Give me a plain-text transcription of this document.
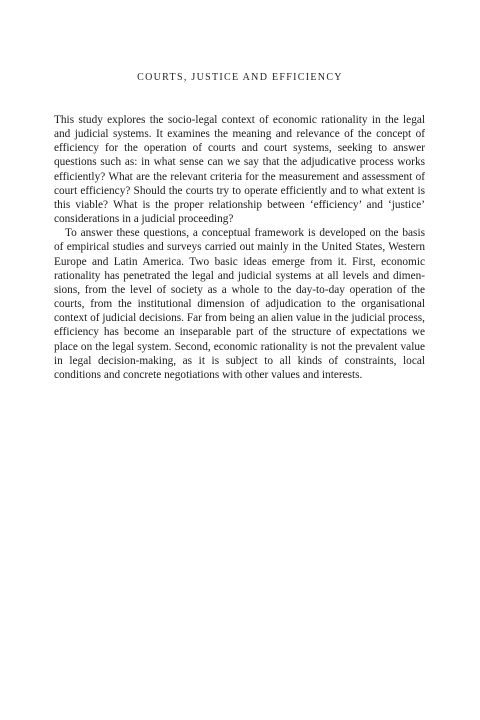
COURTS, JUSTICE AND EFFICIENCY

This study explores the socio-legal context of economic rationality in the legal and judicial systems. It examines the meaning and relevance of the concept of efficiency for the operation of courts and court systems, seeking to answer questions such as: in what sense can we say that the adjudicative process works efficiently? What are the relevant criteria for the measurement and assessment of court efficiency? Should the courts try to operate efficiently and to what extent is this viable? What is the proper relationship between ‘efficiency’ and ‘justice’ considerations in a judicial proceeding?

To answer these questions, a conceptual framework is developed on the basis of empirical studies and surveys carried out mainly in the United States, Western Europe and Latin America. Two basic ideas emerge from it. First, economic rationality has penetrated the legal and judicial systems at all levels and dimensions, from the level of society as a whole to the day-to-day operation of the courts, from the institutional dimension of adjudication to the organisational context of judicial decisions. Far from being an alien value in the judicial process, efficiency has become an inseparable part of the structure of expectations we place on the legal system. Second, economic rationality is not the prevalent value in legal decision-making, as it is subject to all kinds of constraints, local conditions and concrete negotiations with other values and interests.
